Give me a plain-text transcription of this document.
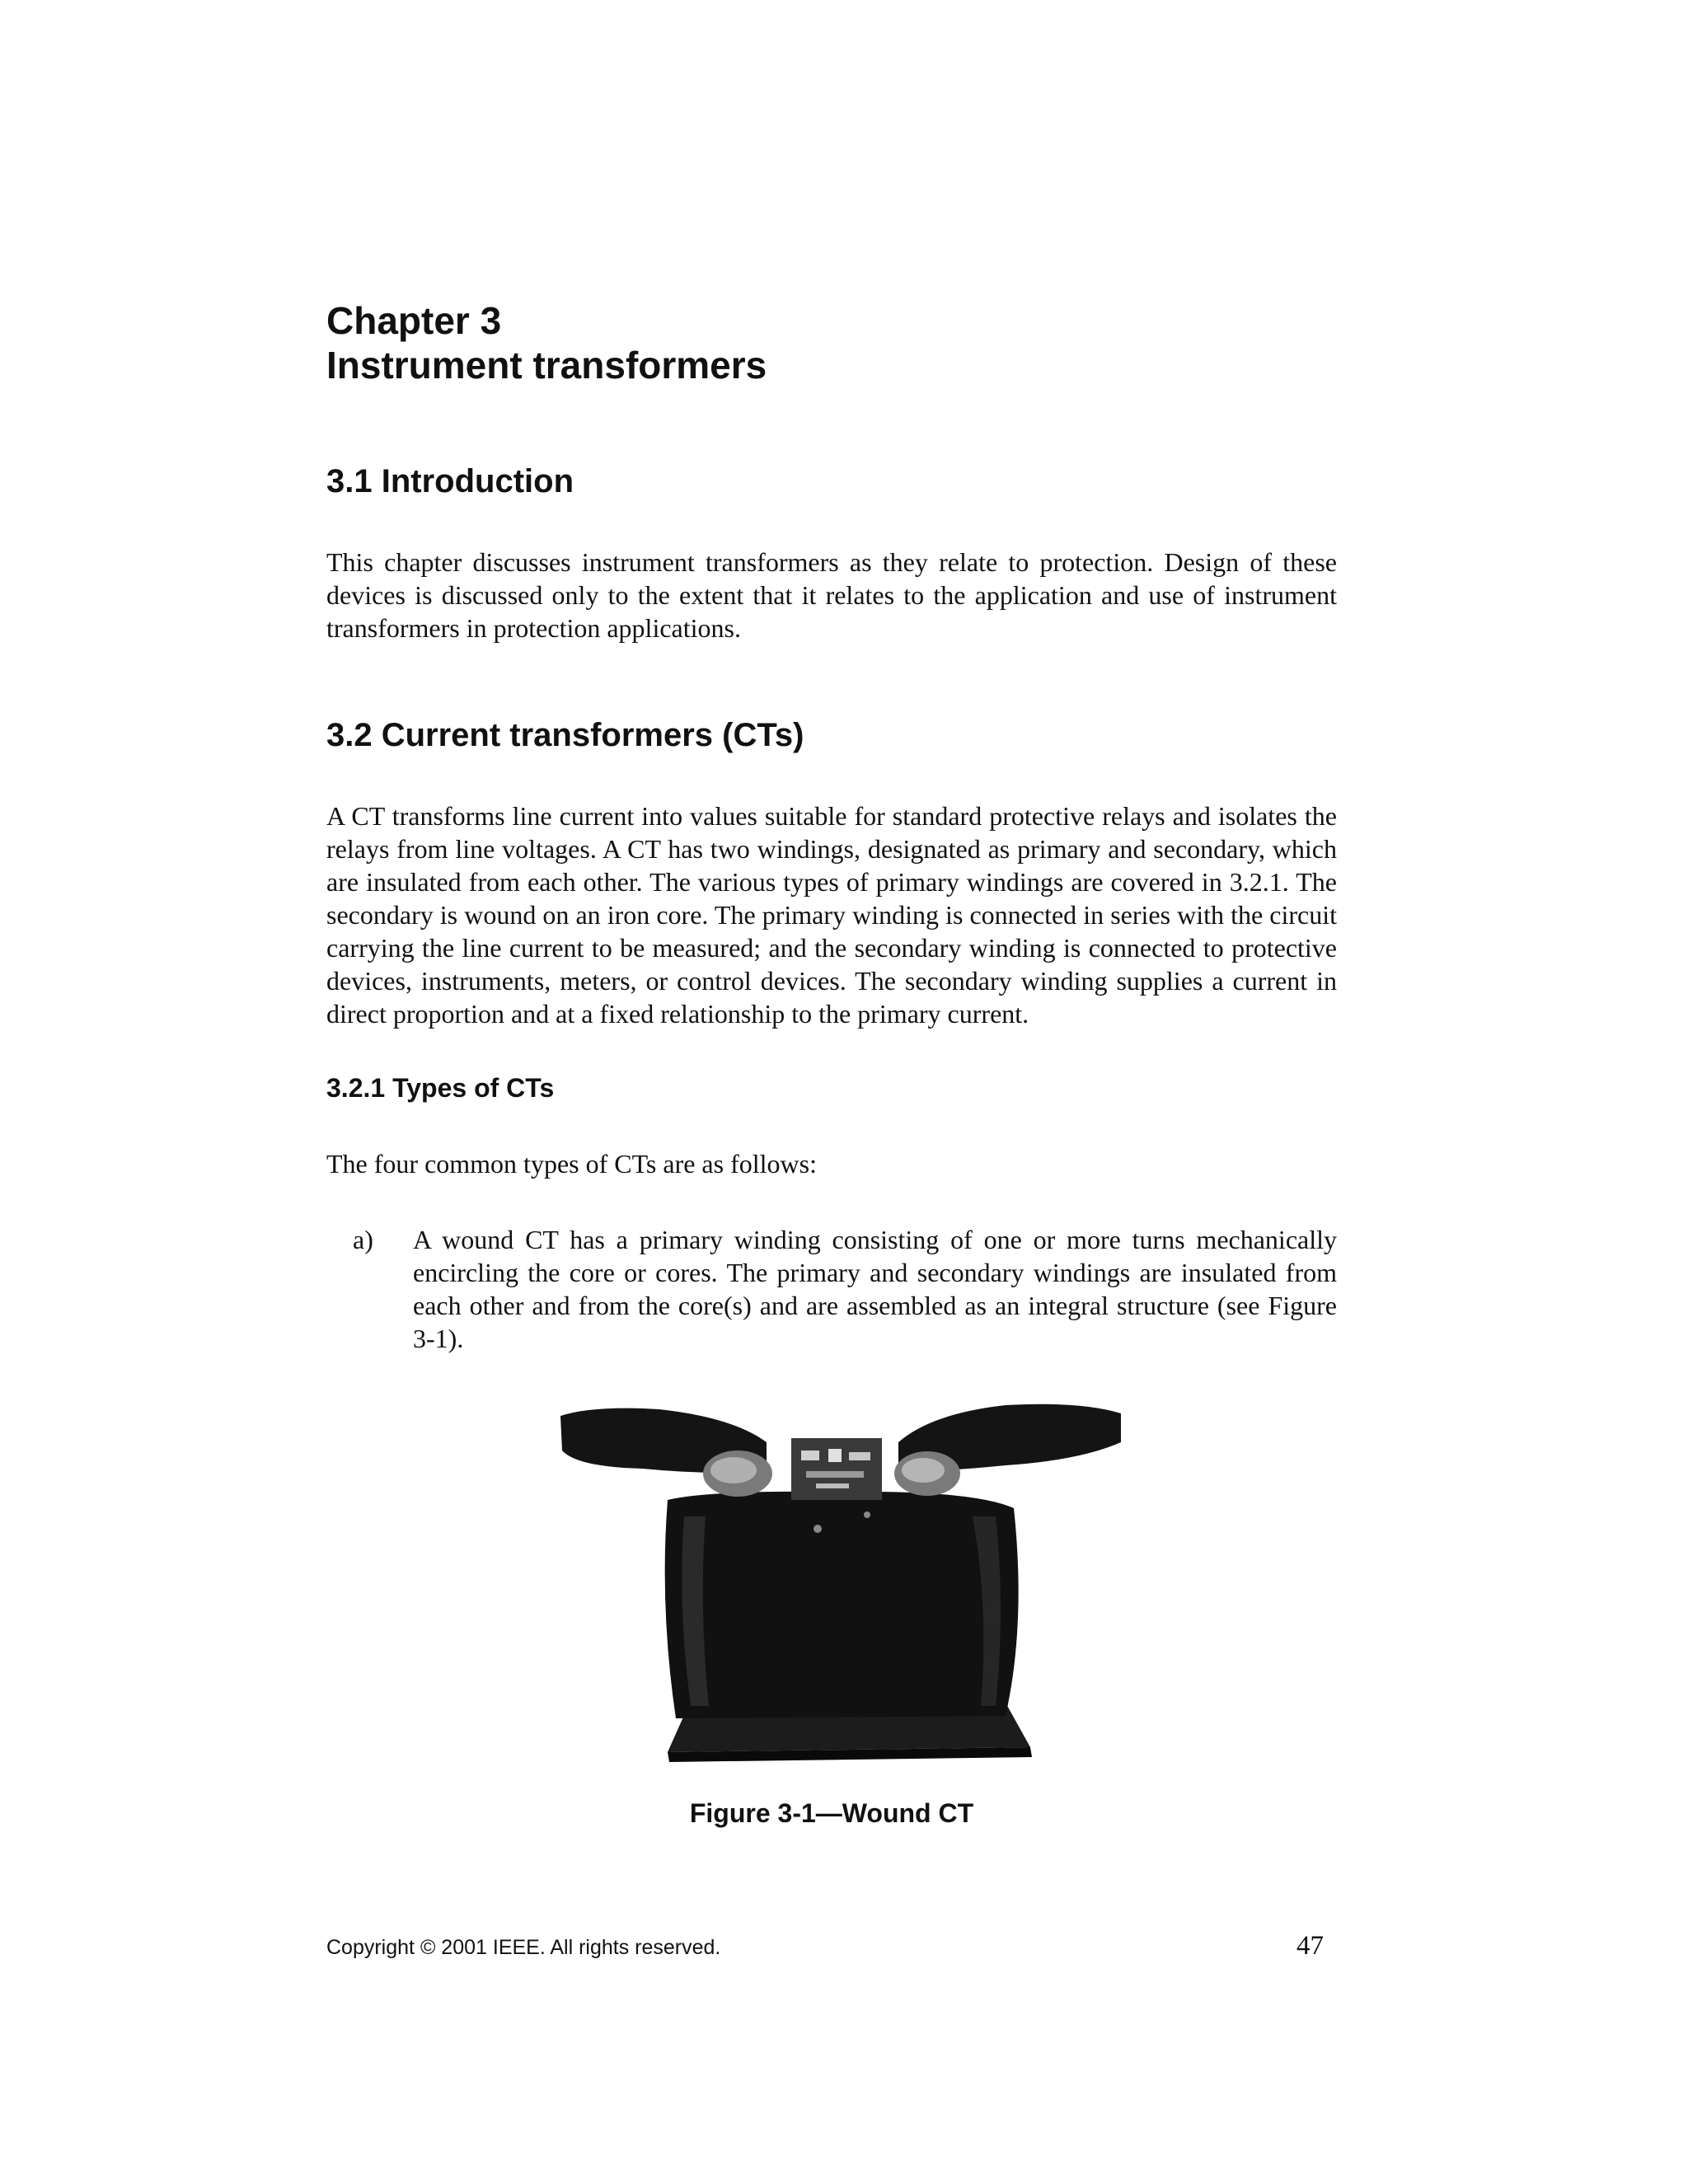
Chapter 3
Instrument transformers
3.1 Introduction

This chapter discusses instrument transformers as they relate to protection. Design of these devices is discussed only to the extent that it relates to the application and use of instrument transformers in protection applications.

3.2 Current transformers (CTs)

A CT transforms line current into values suitable for standard protective relays and isolates the relays from line voltages. A CT has two windings, designated as primary and secondary, which are insulated from each other. The various types of primary windings are covered in 3.2.1. The secondary is wound on an iron core. The primary winding is connected in series with the circuit carrying the line current to be measured; and the secondary winding is connected to protective devices, instruments, meters, or control devices. The secondary winding supplies a current in direct proportion and at a fixed relationship to the primary current.

3.2.1 Types of CTs

The four common types of CTs are as follows:

a) A wound CT has a primary winding consisting of one or more turns mechanically encircling the core or cores. The primary and secondary windings are insulated from each other and from the core(s) and are assembled as an integral structure (see Figure 3-1).

Figure 3-1—Wound CT

Copyright © 2001 IEEE. All rights reserved.	47
